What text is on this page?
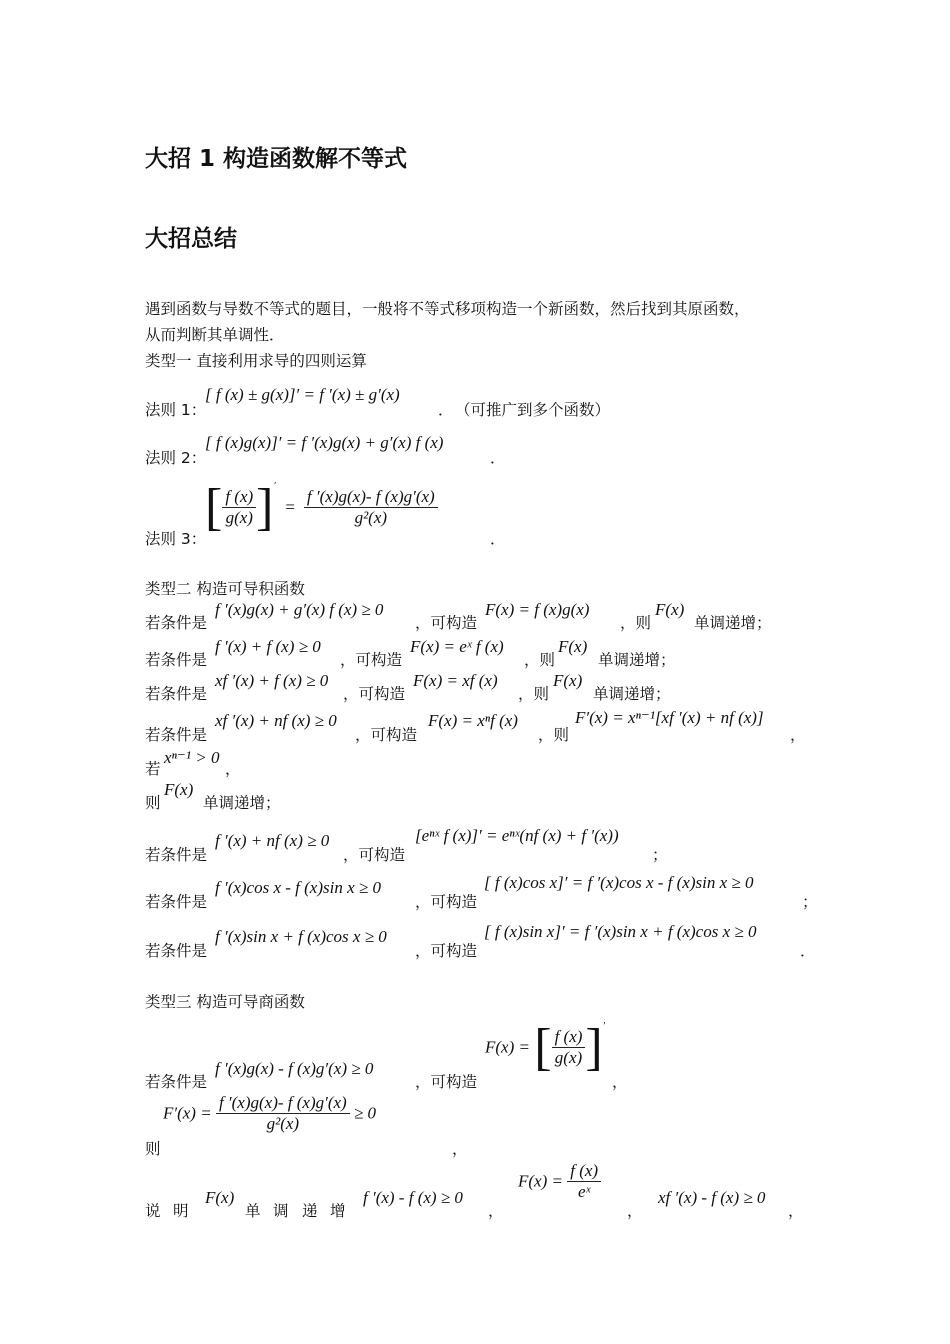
大招 1 构造函数解不等式
大招总结
遇到函数与导数不等式的题目，一般将不等式移项构造一个新函数，然后找到其原函数，
从而判断其单调性．
类型一 直接利用求导的四则运算
法则 1：
[ f (x) ± g(x)]′ = f ′(x) ± g′(x)
． （可推广到多个函数）
法则 2：
[ f (x)g(x)]′ = f ′(x)g(x) + g′(x) f (x)
．
法则 3：
[ $\frac{f (x)}{g(x)} ]' = \frac{f '(x)g(x)- f (x)g'(x)}{\text{g²(x)}}$
．
类型二 构造可导积函数
若条件是
f ′(x)g(x) + g′(x) f (x) ≥ 0
，可构造
F(x) = f (x)g(x)
，则
F(x)
单调递增；
若条件是
f ′(x) + f (x) ≥ 0
，可构造
F(x) = eˣ f (x)
，则
F(x)
单调递增；
若条件是
xf ′(x) + f (x) ≥ 0
，可构造
F(x) = xf (x)
，则
F(x)
单调递增；
若条件是
xf ′(x) + nf (x) ≥ 0
，可构造
F(x) = xⁿf (x)
，则
F′(x) = xⁿ⁻¹[xf ′(x) + nf (x)]
，
若
xⁿ⁻¹ > 0
，
则
F(x)
单调递增；
若条件是
f ′(x) + nf (x) ≥ 0
，可构造
[eⁿˣ f (x)]′ = eⁿˣ(nf (x) + f ′(x))
；
若条件是
f ′(x)cos x - f (x)sin x ≥ 0
，可构造
[ f (x)cos x]′ = f ′(x)cos x - f (x)sin x ≥ 0
；
若条件是
f ′(x)sin x + f (x)cos x ≥ 0
，可构造
[ f (x)sin x]′ = f ′(x)sin x + f (x)cos x ≥ 0
．
类型三 构造可导商函数
若条件是
f ′(x)g(x) - f (x)g′(x) ≥ 0
，可构造
F(x) = [ $\frac{f (x)}{g(x)} ]'$
，
$F'(x) = \frac{f '(x)g(x)- f (x)g'(x)}{\text{g²(x)}} \ge 0$
则	，
说 明
F(x)
单 调 递 增
f ′(x) - f (x) ≥ 0
，
$F(x) = \frac{f (x)}{\text{eˣ}}$
，
xf ′(x) - f (x) ≥ 0
，
